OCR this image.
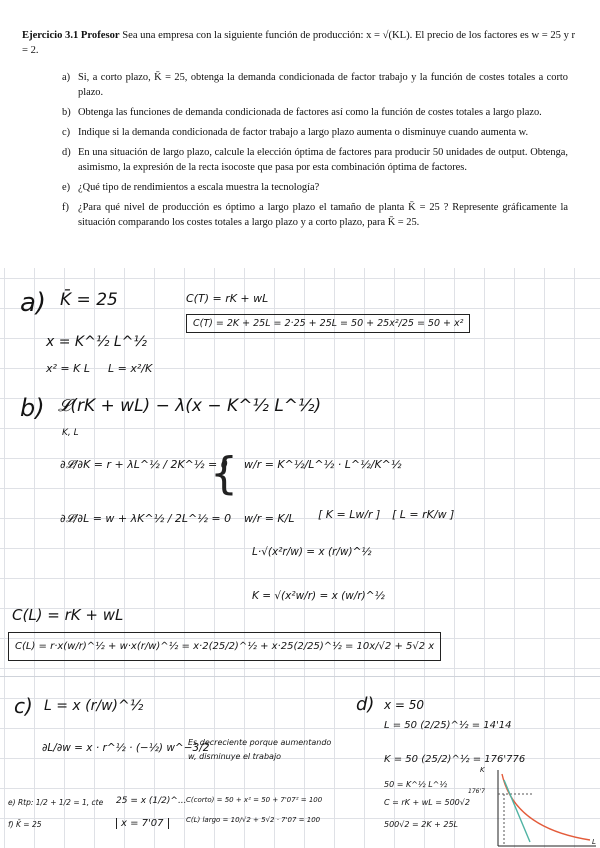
Ejercicio 3.1 Profesor Sea una empresa con la siguiente función de producción: x = √(KL). El precio de los factores es w = 25 y r = 2.
a) Si, a corto plazo, K̄ = 25, obtenga la demanda condicionada de factor trabajo y la función de costes totales a corto plazo.
b) Obtenga las funciones de demanda condicionada de factores así como la función de costes totales a largo plazo.
c) Indique si la demanda condicionada de factor trabajo a largo plazo aumenta o disminuye cuando aumenta w.
d) En una situación de largo plazo, calcule la elección óptima de factores para producir 50 unidades de output. Obtenga, asimismo, la expresión de la recta isocoste que pasa por esta combinación óptima de factores.
e) ¿Qué tipo de rendimientos a escala muestra la tecnología?
f) ¿Para qué nivel de producción es óptimo a largo plazo el tamaño de planta K̄ = 25 ? Represente gráficamente la situación comparando los costes totales a largo plazo y a corto plazo, para K̄ = 25.
a) K̄ = 25
x = K^½ L^½
x² = K L L = x²/K
C(T) = rK + wL
C(T) = 2K + 25L = 2·25 + 25L = 50 + 25x²/25 = 50 + x²
b) 𝓛(rK + wL) − λ(x − K^½ L^½)
K, L
∂𝓛/∂K = r + λL^½ / 2K^½ = 0
∂𝓛/∂L = w + λK^½ / 2L^½ = 0
{ w/r = K^½/L^½ · L^½/K^½
w/r = K/L [ K = Lw/r ] [ L = rK/w ]
L·√(x²r/w) = x (r/w)^½
K = √(x²w/r) = x (w/r)^½
C(L) = rK + wL
C(L) = r·x(w/r)^½ + w·x(r/w)^½ = x·2(25/2)^½ + x·25(2/25)^½ = 10x/√2 + 5√2 x
c) L = x (r/w)^½
∂L/∂w = x · r^½ · (−½) w^−3/2
Es decreciente porque aumentando
w, disminuye el trabajo
d) x = 50
L = 50 (2/25)^½ = 14'14
K = 50 (25/2)^½ = 176'776
50 = K^½ L^½
C = rK + wL = 500√2
500√2 = 2K + 25L
e) Rtp: 1/2 + 1/2 = 1, cte
f) K̄ = 25
25 = x (1/2)^...
x = 7'07
C(corto) = 50 + x² = 50 + 7'07² = 100
C(L) largo = 10/√2 + 5√2 · 7'07 = 100
K
176'7
L
